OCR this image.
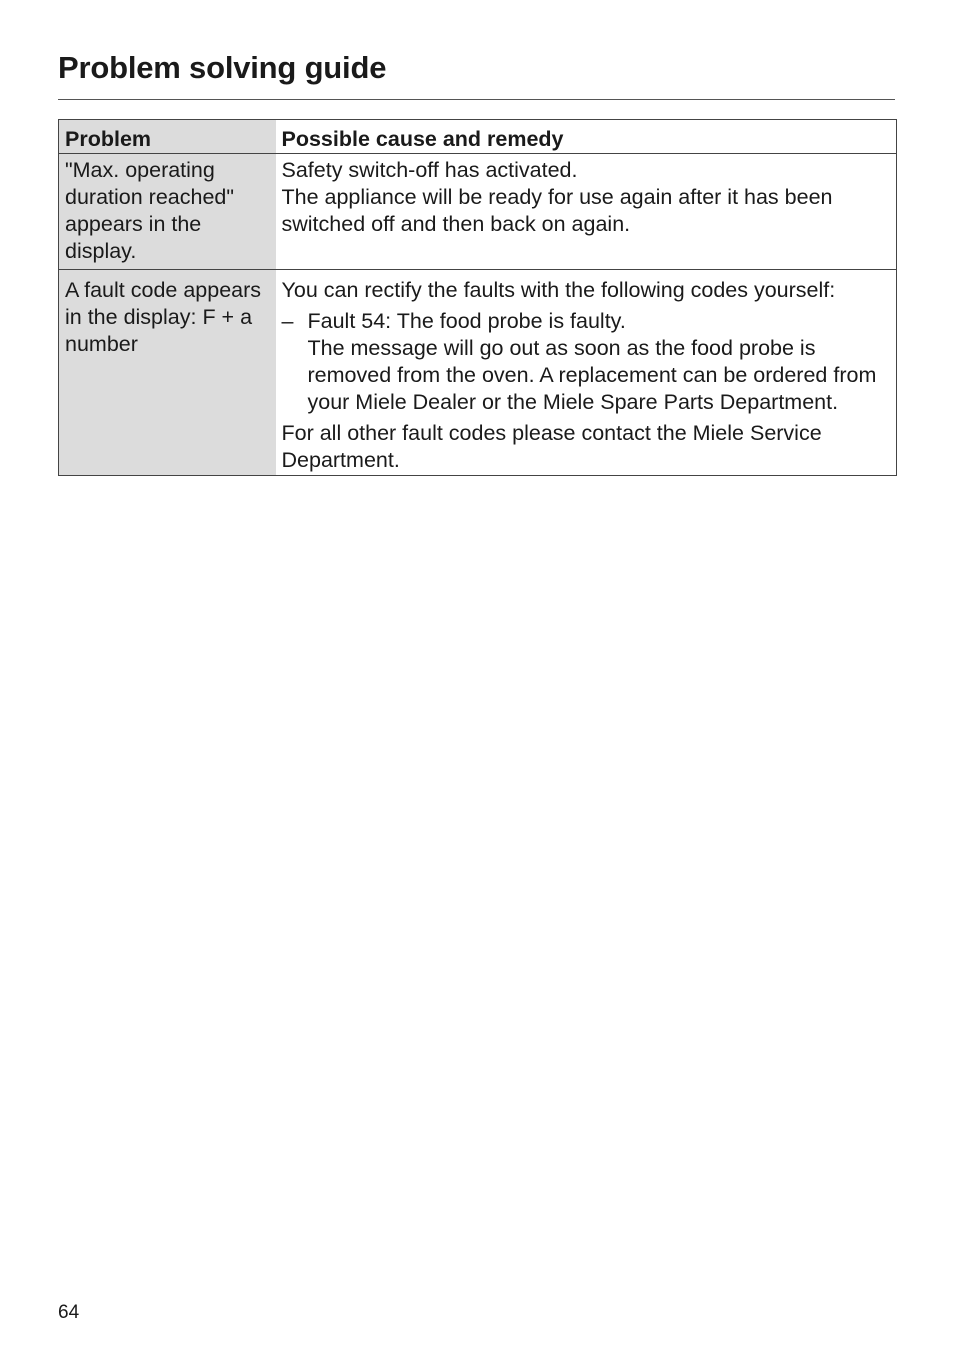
Problem solving guide
Problem	Possible cause and remedy
"Max. operating duration reached" appears in the display.	Safety switch-off has activated.
The appliance will be ready for use again after it has been switched off and then back on again.

A fault code appears in the display: F + a number	You can rectify the faults with the following codes yourself:

– Fault 54: The food probe is faulty.
The message will go out as soon as the food probe is removed from the oven. A replacement can be ordered from your Miele Dealer or the Miele Spare Parts Department.

For all other fault codes please contact the Miele Service Department.

64
